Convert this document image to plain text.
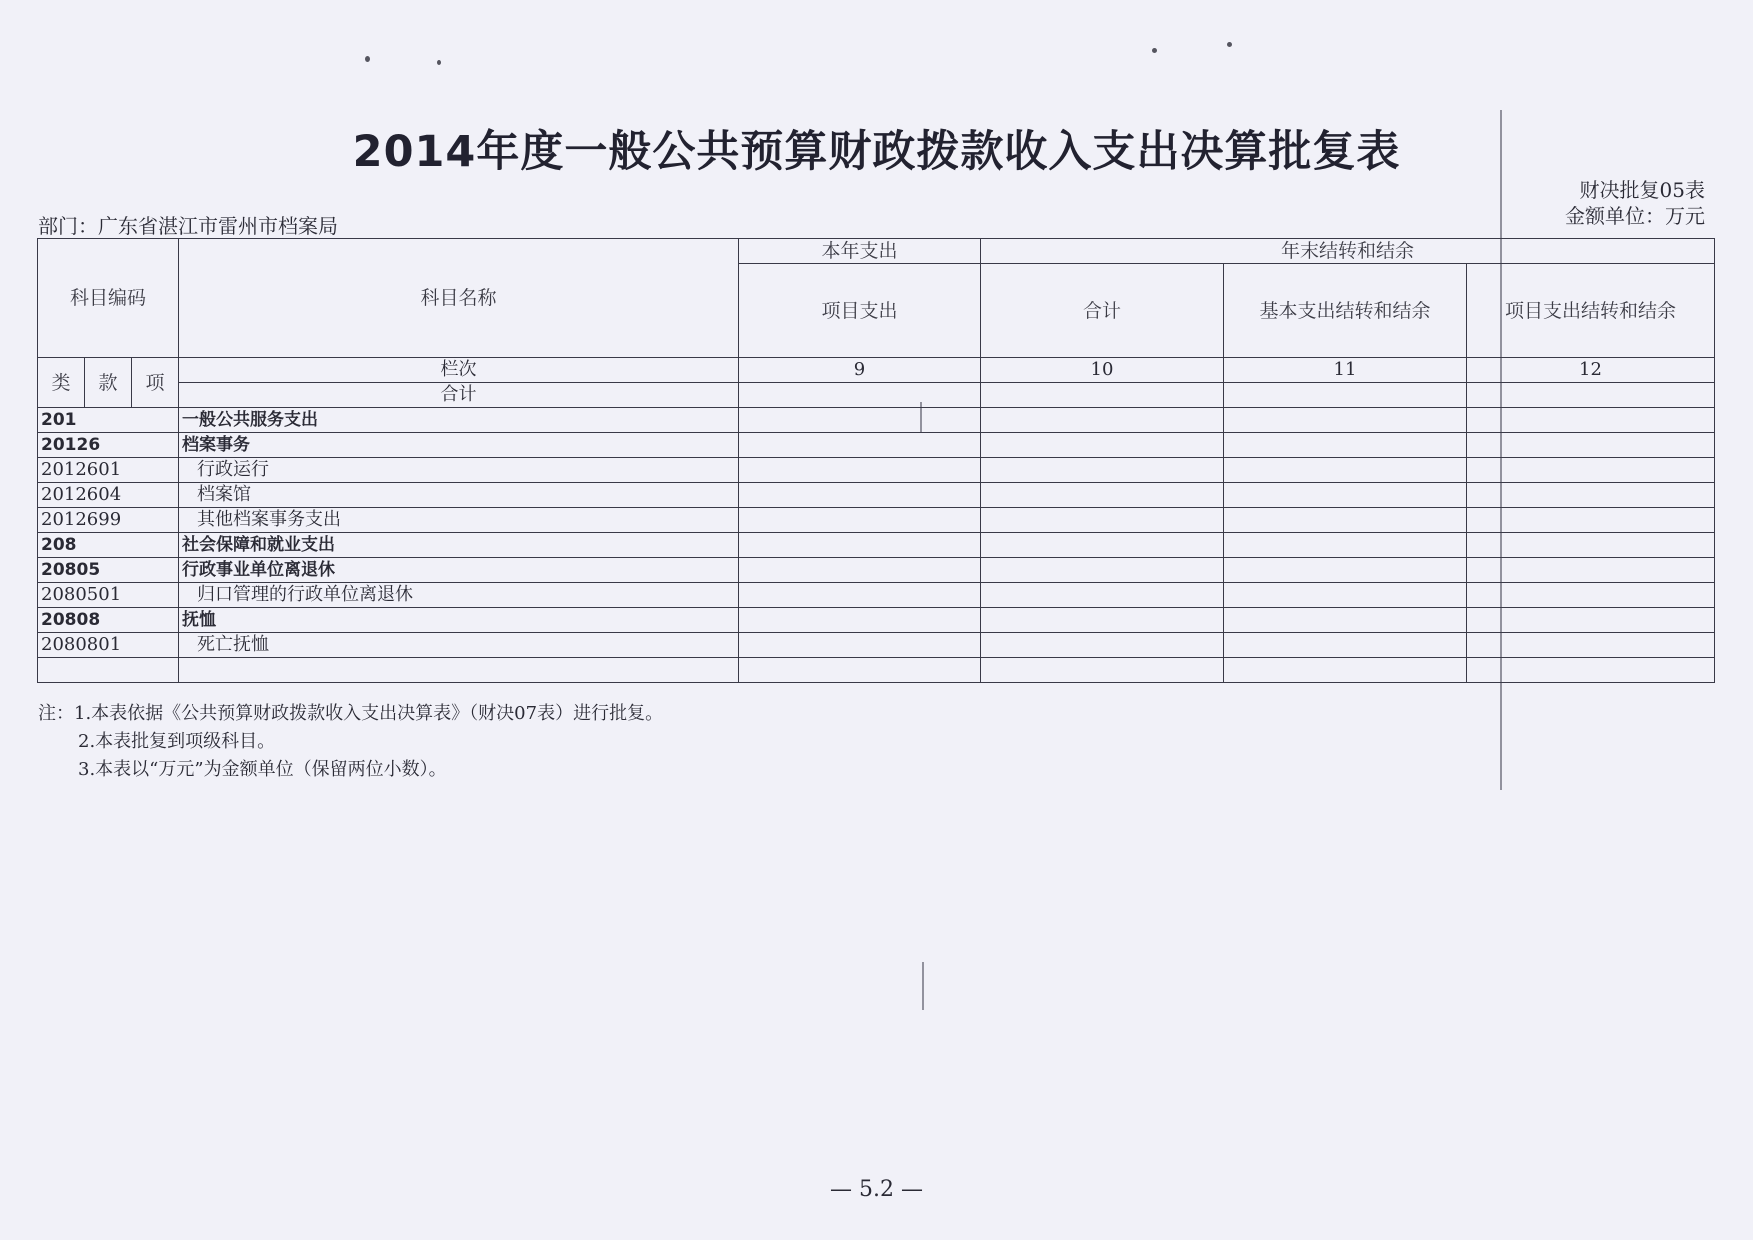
2014年度一般公共预算财政拨款收入支出决算批复表
财决批复05表
金额单位：万元
部门：广东省湛江市雷州市档案局
科目编码			科目名称	本年支出	年末结转和结余		
				项目支出	合计	基本支出结转和结余	项目支出结转和结余
类	款	项	栏次	9	10	11	12
			合计				
201			一般公共服务支出				
20126			档案事务				
2012601			行政运行				
2012604			档案馆				
2012699			其他档案事务支出				
208			社会保障和就业支出				
20805			行政事业单位离退休				
2080501			归口管理的行政单位离退休				
20808			抚恤				
2080801			死亡抚恤				

注：1.本表依据《公共预算财政拨款收入支出决算表》（财决07表）进行批复。
2.本表批复到项级科目。
3.本表以“万元”为金额单位（保留两位小数）。
— 5.2 —
